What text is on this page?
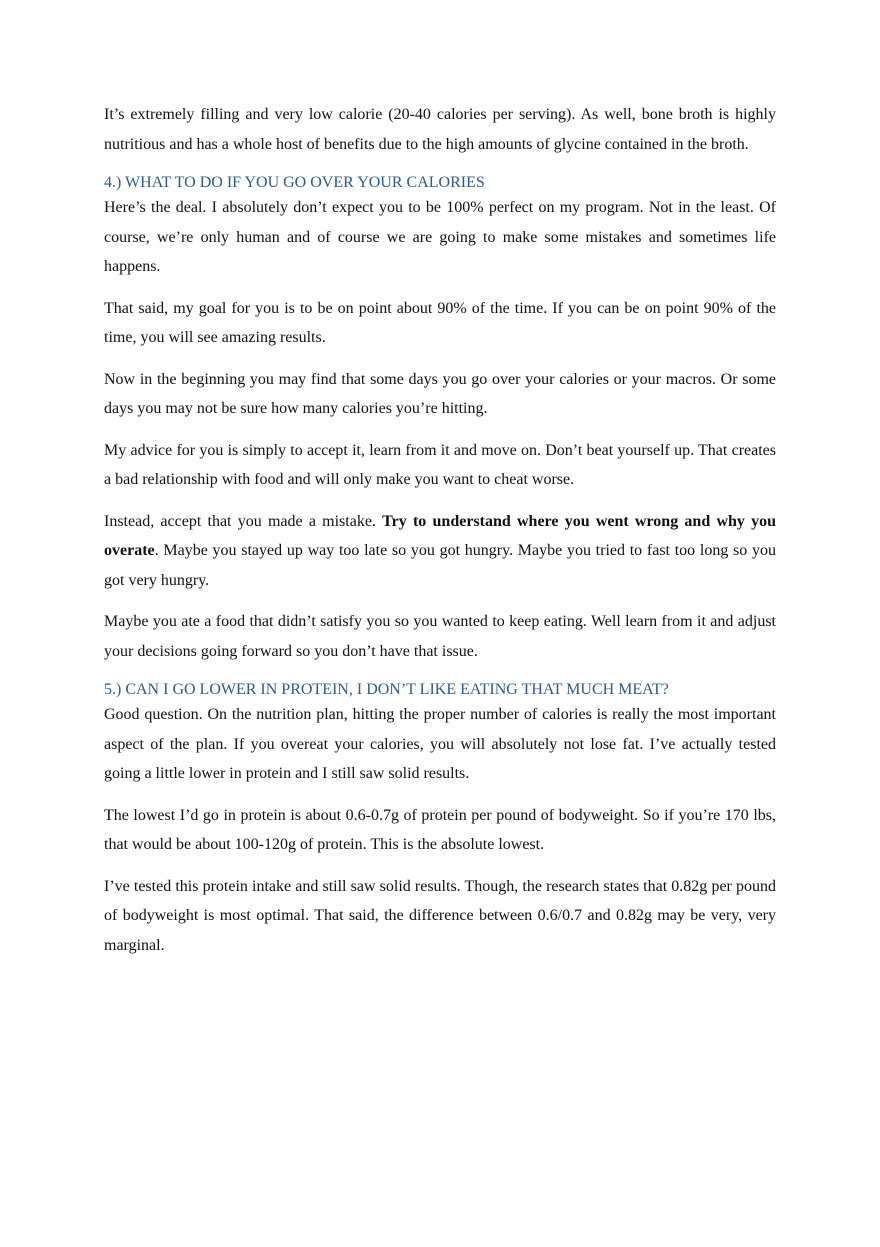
It’s extremely filling and very low calorie (20-40 calories per serving). As well, bone broth is highly nutritious and has a whole host of benefits due to the high amounts of glycine contained in the broth.

4.) WHAT TO DO IF YOU GO OVER YOUR CALORIES

Here’s the deal. I absolutely don’t expect you to be 100% perfect on my program. Not in the least. Of course, we’re only human and of course we are going to make some mistakes and sometimes life happens.

That said, my goal for you is to be on point about 90% of the time. If you can be on point 90% of the time, you will see amazing results.

Now in the beginning you may find that some days you go over your calories or your macros. Or some days you may not be sure how many calories you’re hitting.

My advice for you is simply to accept it, learn from it and move on. Don’t beat yourself up. That creates a bad relationship with food and will only make you want to cheat worse.

Instead, accept that you made a mistake. Try to understand where you went wrong and why you overate. Maybe you stayed up way too late so you got hungry. Maybe you tried to fast too long so you got very hungry.

Maybe you ate a food that didn’t satisfy you so you wanted to keep eating. Well learn from it and adjust your decisions going forward so you don’t have that issue.

5.) CAN I GO LOWER IN PROTEIN, I DON’T LIKE EATING THAT MUCH MEAT?

Good question. On the nutrition plan, hitting the proper number of calories is really the most important aspect of the plan. If you overeat your calories, you will absolutely not lose fat. I’ve actually tested going a little lower in protein and I still saw solid results.

The lowest I’d go in protein is about 0.6-0.7g of protein per pound of bodyweight. So if you’re 170 lbs, that would be about 100-120g of protein. This is the absolute lowest.

I’ve tested this protein intake and still saw solid results. Though, the research states that 0.82g per pound of bodyweight is most optimal. That said, the difference between 0.6/0.7 and 0.82g may be very, very marginal.
